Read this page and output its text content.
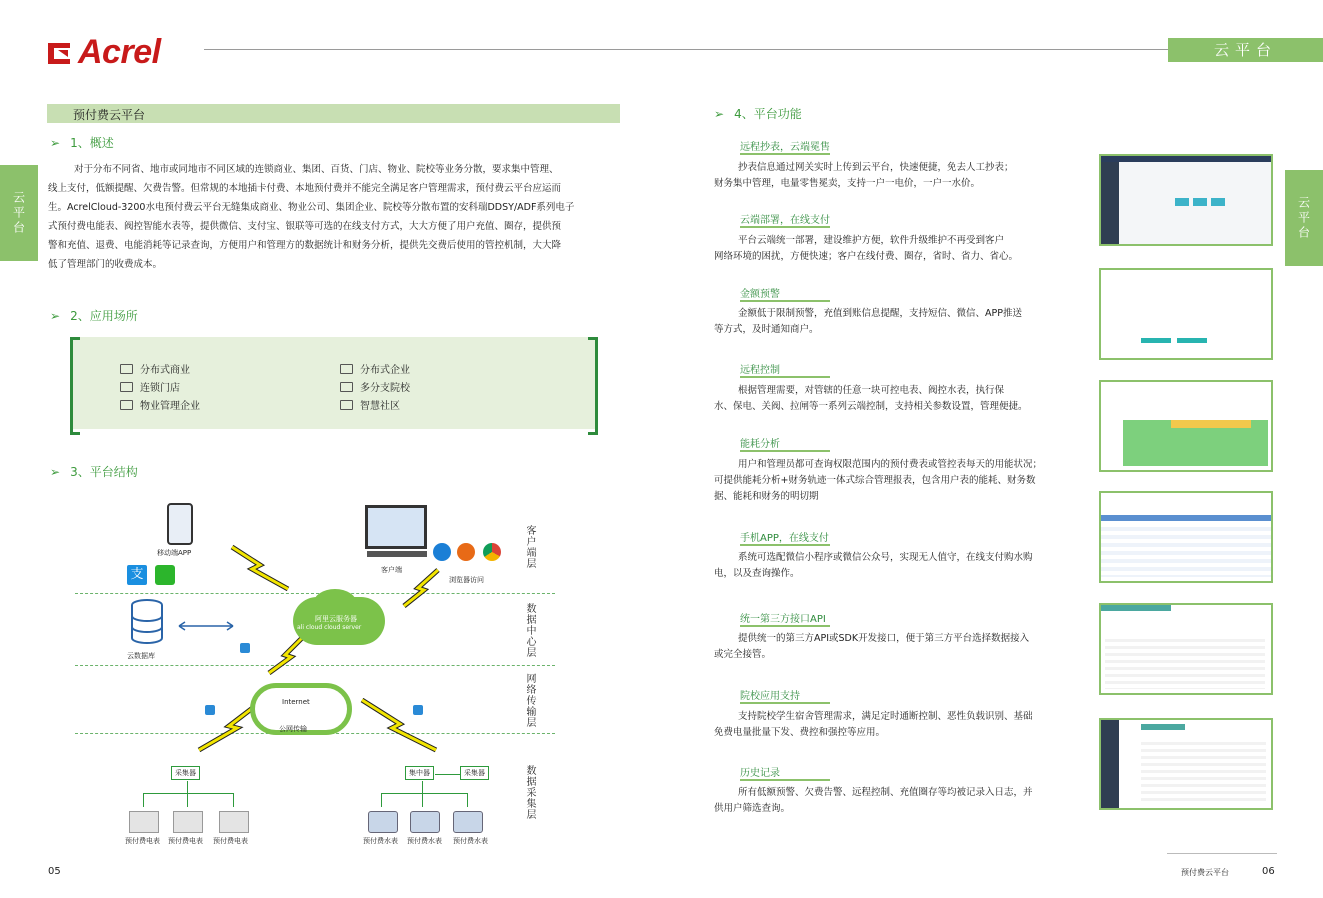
Acrel	云平台
云平台	云平台
预付费云平台
➢ 1、概述
对于分布不同省、地市或同地市不同区域的连锁商业、集团、百货、门店、物业、院校等业务分散，要求集中管理、
线上支付，低额提醒、欠费告警。但常规的本地插卡付费、本地预付费并不能完全满足客户管理需求，预付费云平台应运而
生。AcrelCloud-3200水电预付费云平台无缝集成商业、物业公司、集团企业、院校等分散布置的安科瑞DDSY/ADF系列电子
式预付费电能表、阀控智能水表等，提供微信、支付宝、银联等可选的在线支付方式，大大方便了用户充值、圈存，提供预
警和充值、退费、电能消耗等记录查询，方便用户和管理方的数据统计和财务分析，提供先交费后使用的管控机制，大大降
低了管理部门的收费成本。
➢ 2、应用场所
分布式商业	分布式企业
连锁门店	多分支院校
物业管理企业	智慧社区
➢ 3、平台结构
客户端层
数据中心层
网络传输层
数据采集层
移动端APP
支	客户端
浏览器访问
云数据库
阿里云服务器
ali cloud cloud server
Internet
公网传输
采集器	集中器	采集器
预付费电表 预付费电表 预付费电表	预付费水表 预付费水表 预付费水表
05
➢ 4、平台功能
远程抄表，云端冕售
抄表信息通过网关实时上传到云平台，快速便捷，免去人工抄表；
财务集中管理，电量零售冕卖，支持一户一电价，一户一水价。
云端部署，在线支付
平台云端统一部署，建设维护方便，软件升级维护不再受到客户
网络环境的困扰，方便快速；客户在线付费、圈存，省时、省力、省心。
金额预警
金额低于限制预警，充值到账信息提醒，支持短信、微信、APP推送
等方式，及时通知商户。
远程控制
根据管理需要，对管辖的任意一块可控电表、阀控水表，执行保
水、保电、关阀、拉闸等一系列云端控制，支持相关参数设置，管理便捷。
能耗分析
用户和管理员都可查询权限范围内的预付费表或管控表每天的用能状况；
可提供能耗分析+财务轨迹一体式综合管理报表，包含用户表的能耗、财务数
据、能耗和财务的明切期
手机APP，在线支付
系统可选配微信小程序或微信公众号，实现无人值守，在线支付购水购
电，以及查询操作。
统一第三方接口API
提供统一的第三方API或SDK开发接口，便于第三方平台选择数据接入
或完全接管。
院校应用支持
支持院校学生宿舍管理需求，满足定时通断控制、恶性负载识别、基础
免费电量批量下发、费控和强控等应用。
历史记录
所有低额预警、欠费告警、远程控制、充值圈存等均被记录入日志，并
供用户筛选查询。
预付费云平台	06
